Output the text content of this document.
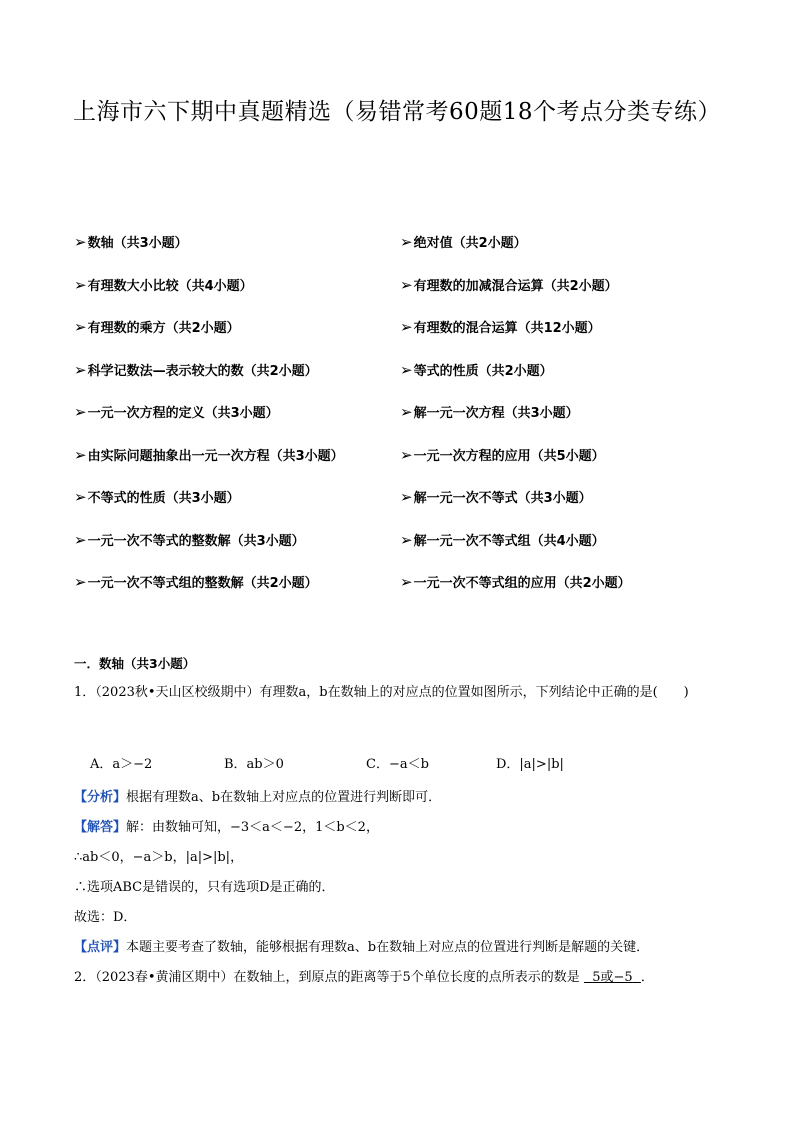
上海市六下期中真题精选（易错常考60题18个考点分类专练）
➢数轴（共3小题）	➢绝对值（共2小题）
➢有理数大小比较（共4小题）	➢有理数的加减混合运算（共2小题）
➢有理数的乘方（共2小题）	➢有理数的混合运算（共12小题）
➢科学记数法—表示较大的数（共2小题）	➢等式的性质（共2小题）
➢一元一次方程的定义（共3小题）	➢解一元一次方程（共3小题）
➢由实际问题抽象出一元一次方程（共3小题）	➢一元一次方程的应用（共5小题）
➢不等式的性质（共3小题）	➢解一元一次不等式（共3小题）
➢一元一次不等式的整数解（共3小题）	➢解一元一次不等式组（共4小题）
➢一元一次不等式组的整数解（共2小题）	➢一元一次不等式组的应用（共2小题）
一．数轴（共3小题）
1．（2023秋•天山区校级期中）有理数a，b在数轴上的对应点的位置如图所示，下列结论中正确的是(　　)
A．a＞−2	B．ab＞0	C．−a＜b	D．|a|>|b|
【分析】根据有理数a、b在数轴上对应点的位置进行判断即可．
【解答】解：由数轴可知，−3＜a＜−2，1＜b＜2，
∴ab＜0，−a＞b，|a|>|b|，
∴选项ABC是错误的，只有选项D是正确的．
故选：D．
【点评】本题主要考查了数轴，能够根据有理数a、b在数轴上对应点的位置进行判断是解题的关键．
2．（2023春•黄浦区期中）在数轴上，到原点的距离等于5个单位长度的点所表示的数是 5或−5 ．
